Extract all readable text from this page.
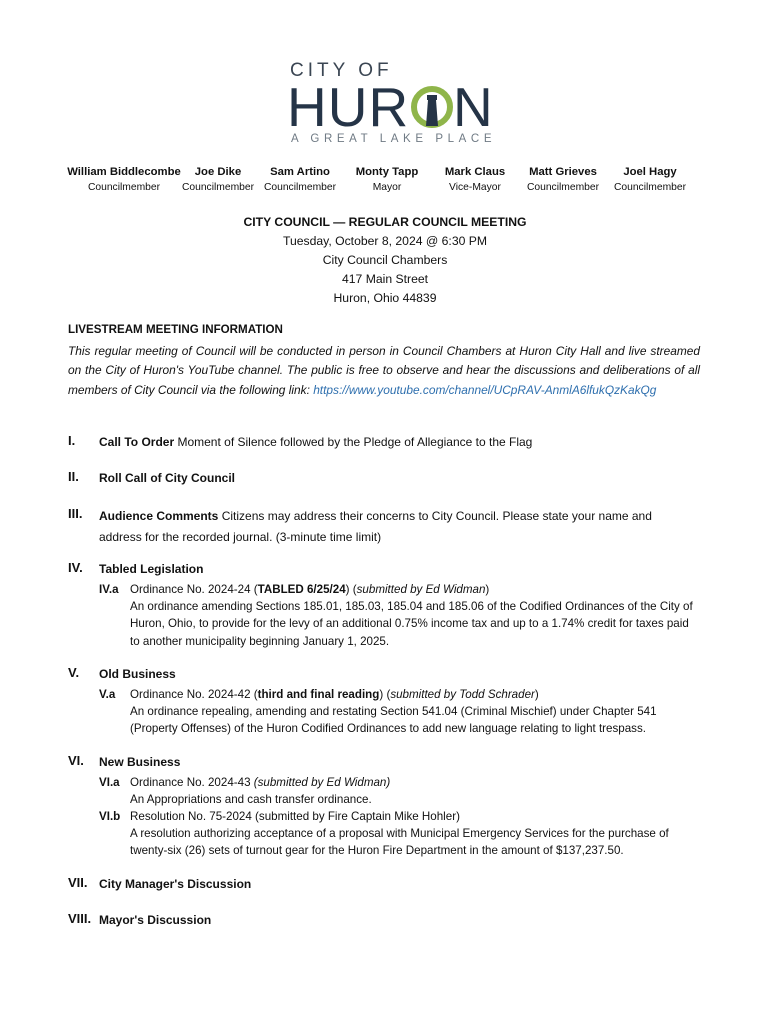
CITY OF
HUR N
A GREAT LAKE PLACE
William Biddlecombe
Councilmember
Joe Dike
Councilmember
Sam Artino
Councilmember
Monty Tapp
Mayor
Mark Claus
Vice-Mayor
Matt Grieves
Councilmember
Joel Hagy
Councilmember
CITY COUNCIL — REGULAR COUNCIL MEETING
Tuesday, October 8, 2024 @ 6:30 PM
City Council Chambers
417 Main Street
Huron, Ohio 44839
LIVESTREAM MEETING INFORMATION
This regular meeting of Council will be conducted in person in Council Chambers at Huron City Hall and live streamed on the City of Huron's YouTube channel. The public is free to observe and hear the discussions and deliberations of all members of City Council via the following link: https://www.youtube.com/channel/UCpRAV-AnmlA6lfukQzKakQg
I.	Call To Order Moment of Silence followed by the Pledge of Allegiance to the Flag
II.	Roll Call of City Council
III.	Audience Comments Citizens may address their concerns to City Council. Please state your name and
address for the recorded journal. (3-minute time limit)
IV.	Tabled Legislation
IV.a Ordinance No. 2024-24 (TABLED 6/25/24) (submitted by Ed Widman)
An ordinance amending Sections 185.01, 185.03, 185.04 and 185.06 of the Codified Ordinances of the City of Huron, Ohio, to provide for the levy of an additional 0.75% income tax and up to a 1.74% credit for taxes paid to another municipality beginning January 1, 2025.
V.	Old Business
V.a Ordinance No. 2024-42 (third and final reading) (submitted by Todd Schrader)
An ordinance repealing, amending and restating Section 541.04 (Criminal Mischief) under Chapter 541 (Property Offenses) of the Huron Codified Ordinances to add new language relating to light trespass.
VI.	New Business
VI.a Ordinance No. 2024-43 (submitted by Ed Widman)
An Appropriations and cash transfer ordinance.
VI.b Resolution No. 75-2024 (submitted by Fire Captain Mike Hohler)
A resolution authorizing acceptance of a proposal with Municipal Emergency Services for the purchase of twenty-six (26) sets of turnout gear for the Huron Fire Department in the amount of $137,237.50.
VII. City Manager's Discussion
VIII. Mayor's Discussion
